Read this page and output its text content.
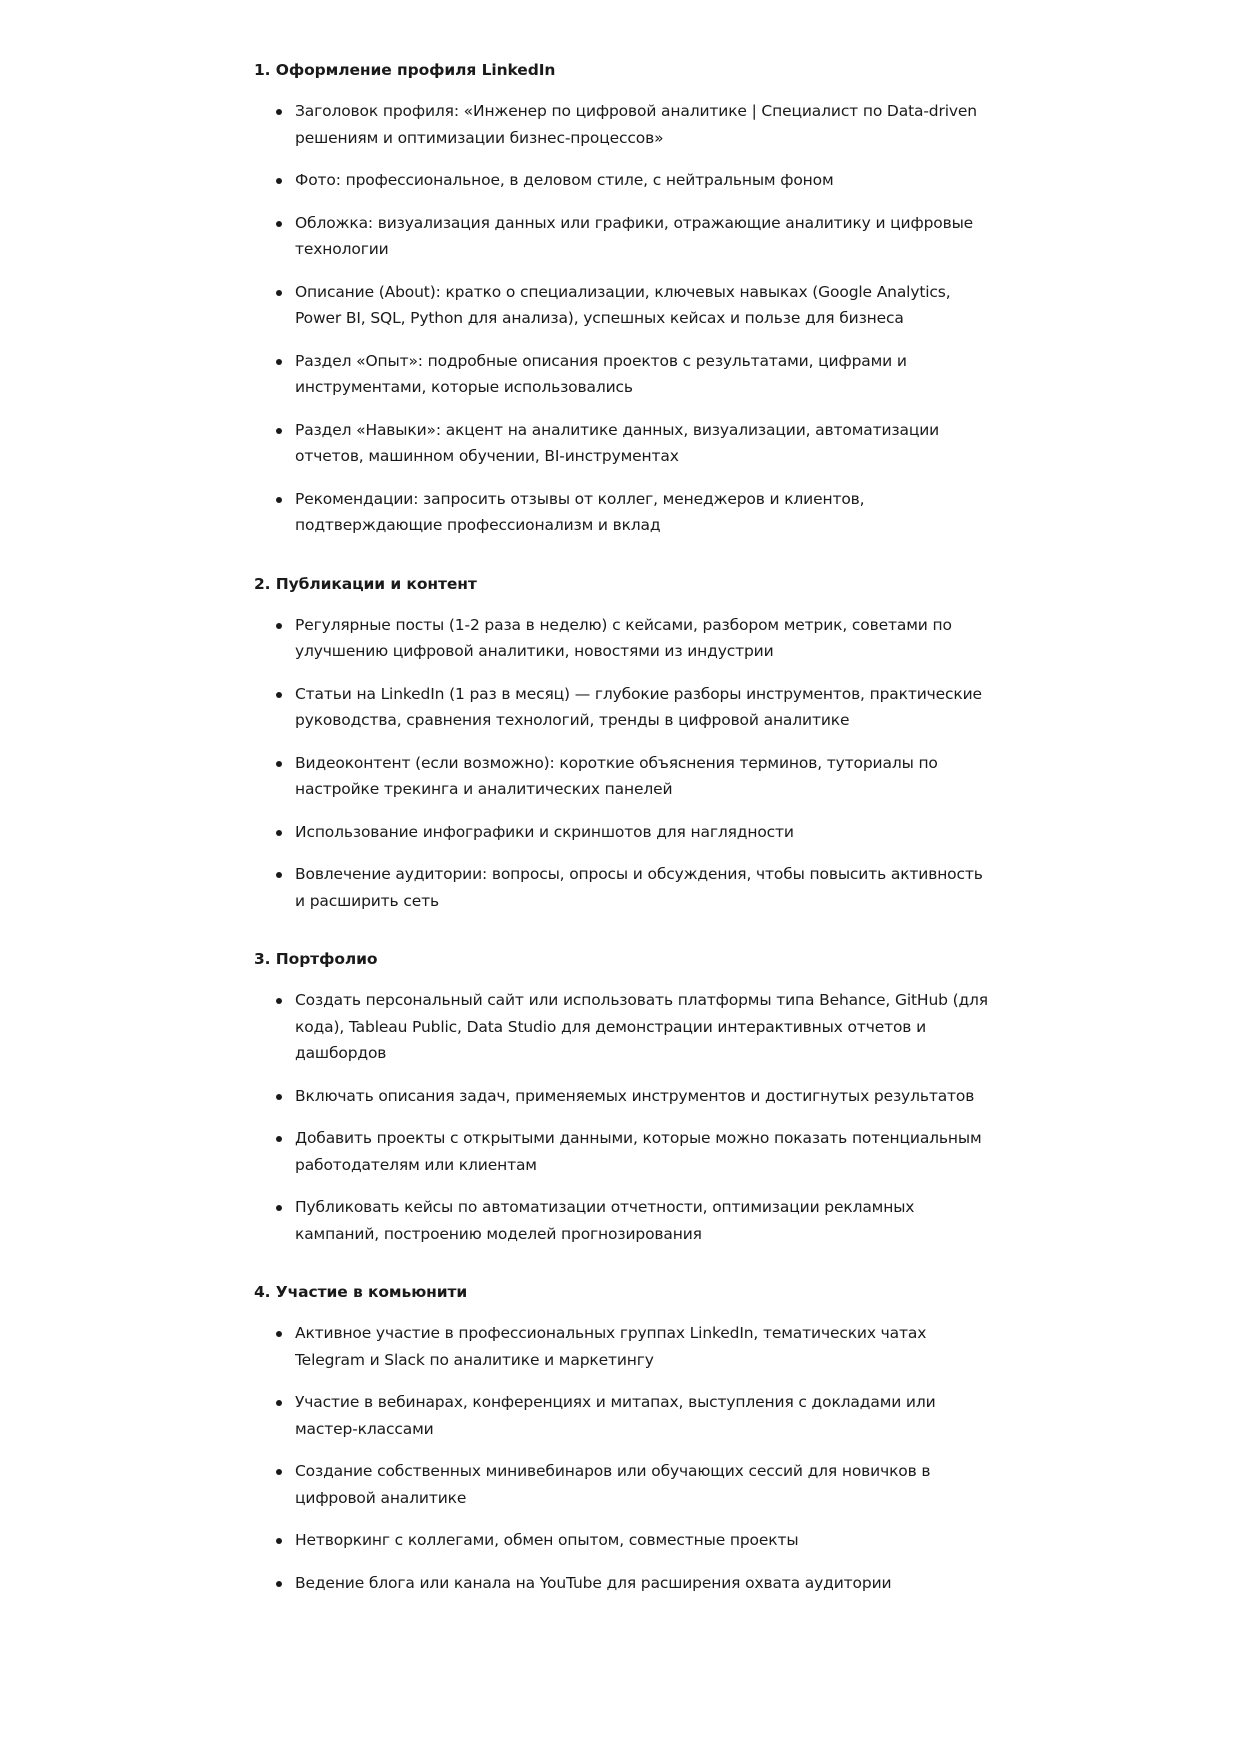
1. Оформление профиля LinkedIn
Заголовок профиля: «Инженер по цифровой аналитике | Специалист по Data-driven решениям и оптимизации бизнес-процессов»
Фото: профессиональное, в деловом стиле, с нейтральным фоном
Обложка: визуализация данных или графики, отражающие аналитику и цифровые технологии
Описание (About): кратко о специализации, ключевых навыках (Google Analytics, Power BI, SQL, Python для анализа), успешных кейсах и пользе для бизнеса
Раздел «Опыт»: подробные описания проектов с результатами, цифрами и инструментами, которые использовались
Раздел «Навыки»: акцент на аналитике данных, визуализации, автоматизации отчетов, машинном обучении, BI-инструментах
Рекомендации: запросить отзывы от коллег, менеджеров и клиентов, подтверждающие профессионализм и вклад
2. Публикации и контент
Регулярные посты (1-2 раза в неделю) с кейсами, разбором метрик, советами по улучшению цифровой аналитики, новостями из индустрии
Статьи на LinkedIn (1 раз в месяц) — глубокие разборы инструментов, практические руководства, сравнения технологий, тренды в цифровой аналитике
Видеоконтент (если возможно): короткие объяснения терминов, туториалы по настройке трекинга и аналитических панелей
Использование инфографики и скриншотов для наглядности
Вовлечение аудитории: вопросы, опросы и обсуждения, чтобы повысить активность и расширить сеть
3. Портфолио
Создать персональный сайт или использовать платформы типа Behance, GitHub (для кода), Tableau Public, Data Studio для демонстрации интерактивных отчетов и дашбордов
Включать описания задач, применяемых инструментов и достигнутых результатов
Добавить проекты с открытыми данными, которые можно показать потенциальным работодателям или клиентам
Публиковать кейсы по автоматизации отчетности, оптимизации рекламных кампаний, построению моделей прогнозирования
4. Участие в комьюнити
Активное участие в профессиональных группах LinkedIn, тематических чатах Telegram и Slack по аналитике и маркетингу
Участие в вебинарах, конференциях и митапах, выступления с докладами или мастер-классами
Создание собственных минивебинаров или обучающих сессий для новичков в цифровой аналитике
Нетворкинг с коллегами, обмен опытом, совместные проекты
Ведение блога или канала на YouTube для расширения охвата аудитории
